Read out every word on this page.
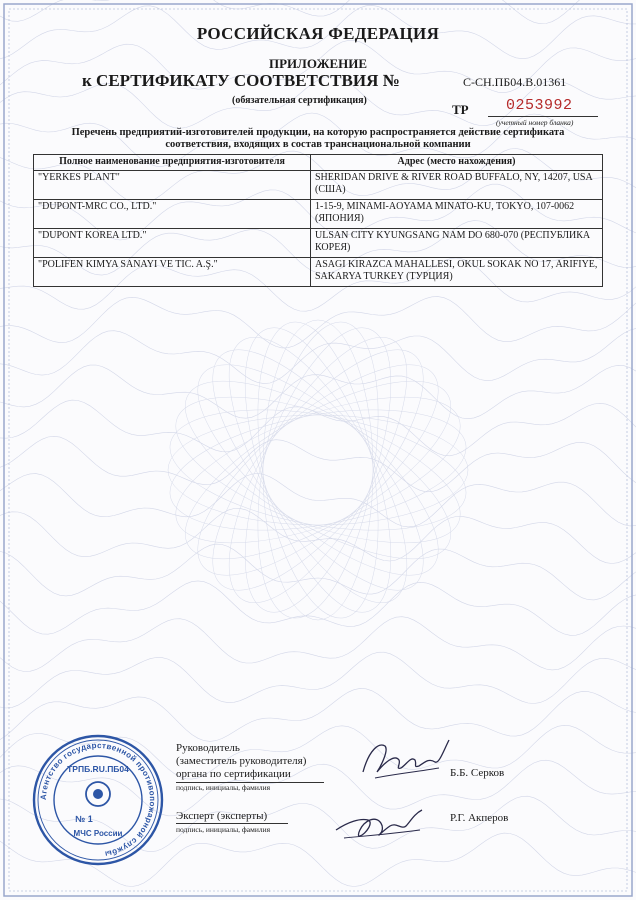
РОССИЙСКАЯ ФЕДЕРАЦИЯ
ПРИЛОЖЕНИЕ
к СЕРТИФИКАТУ СООТВЕТСТВИЯ №	С-СН.ПБ04.В.01361
(обязательная сертификация)
ТР 0253992
(учетный номер бланка)
Перечень предприятий-изготовителей продукции, на которую распространяется действие сертификата
соответствия, входящих в состав транснациональной компании
Полное наименование предприятия-изготовителя	Адрес (место нахождения)
"YERKES PLANT"	SHERIDAN DRIVE & RIVER ROAD BUFFALO, NY, 14207, USA (США)
"DUPONT-MRC CO., LTD."	1-15-9, MINAMI-AOYAMA MINATO-KU, TOKYO, 107-0062 (ЯПОНИЯ)
"DUPONT KOREA LTD."	ULSAN CITY KYUNGSANG NAM DO 680-070 (РЕСПУБЛИКА КОРЕЯ)
"POLIFEN KIMYA SANAYI VE TIC. A.Ş."	ASAGI KIRAZCA MAHALLESI, OKUL SOKAK NO 17, ARIFIYE, SAKARYA TURKEY (ТУРЦИЯ)
Агентство государственной противопожарной службы
ТРПБ.RU.ПБ04
№ 1
МЧС России
Руководитель
(заместитель руководителя)
органа по сертификации
подпись, инициалы, фамилия
Б.Б. Серков
Эксперт (эксперты)
подпись, инициалы, фамилия
Р.Г. Акперов
